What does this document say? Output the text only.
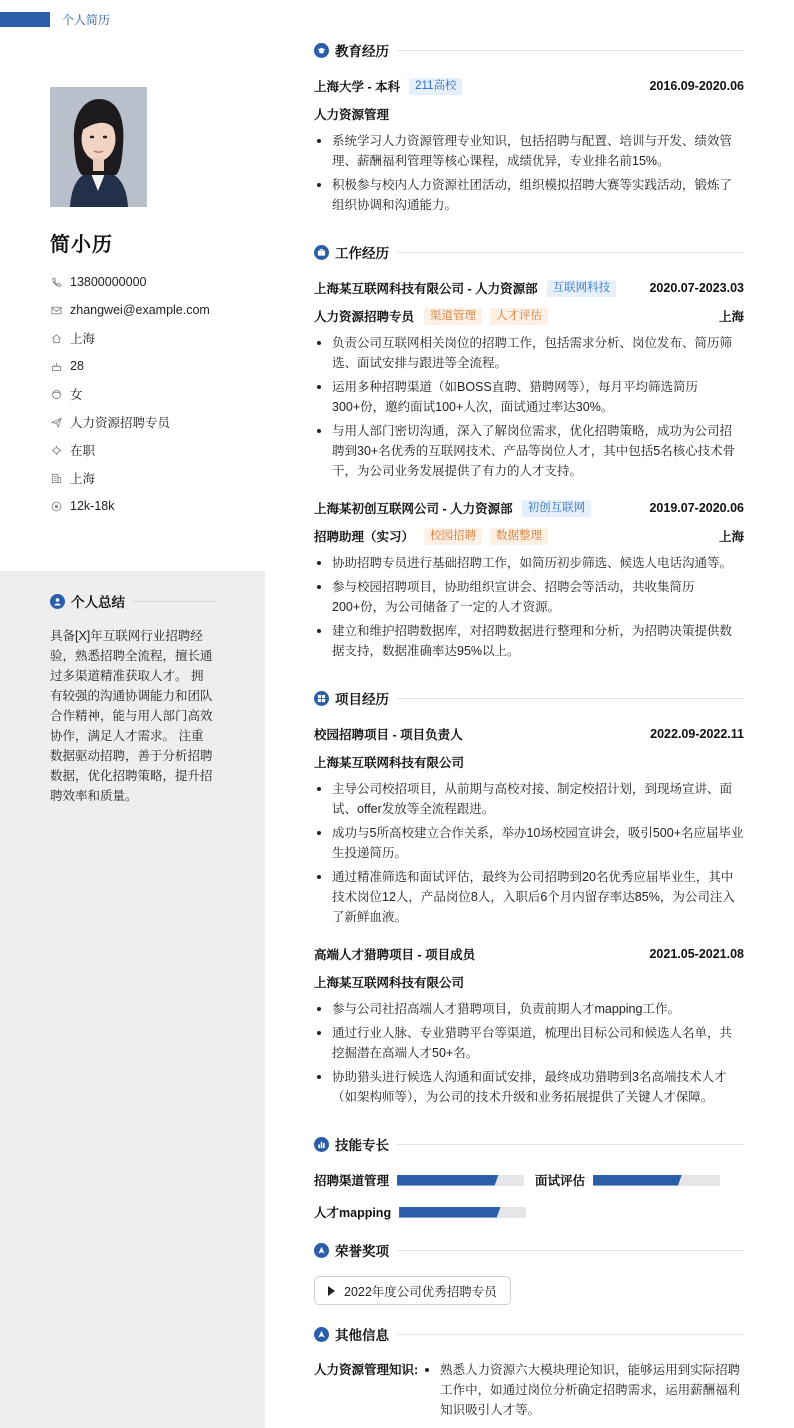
个人简历
简小历
13800000000
zhangwei@example.com
上海
28
女
人力资源招聘专员
在职
上海
12k-18k
个人总结
具备[X]年互联网行业招聘经验，熟悉招聘全流程，擅长通过多渠道精准获取人才。 拥有较强的沟通协调能力和团队合作精神，能与用人部门高效协作，满足人才需求。 注重数据驱动招聘，善于分析招聘数据，优化招聘策略，提升招聘效率和质量。
教育经历
上海大学 - 本科	211高校	2016.09-2020.06
人力资源管理
系统学习人力资源管理专业知识，包括招聘与配置、培训与开发、绩效管理、薪酬福利管理等核心课程，成绩优异，专业排名前15%。
积极参与校内人力资源社团活动，组织模拟招聘大赛等实践活动，锻炼了组织协调和沟通能力。
工作经历
上海某互联网科技有限公司 - 人力资源部	互联网科技	2020.07-2023.03
人力资源招聘专员	渠道管理	人才评估	上海
负责公司互联网相关岗位的招聘工作，包括需求分析、岗位发布、简历筛选、面试安排与跟进等全流程。
运用多种招聘渠道（如BOSS直聘、猎聘网等），每月平均筛选简历300+份，邀约面试100+人次，面试通过率达30%。
与用人部门密切沟通，深入了解岗位需求，优化招聘策略，成功为公司招聘到30+名优秀的互联网技术、产品等岗位人才，其中包括5名核心技术骨干，为公司业务发展提供了有力的人才支持。
上海某初创互联网公司 - 人力资源部	初创互联网	2019.07-2020.06
招聘助理（实习）	校园招聘	数据整理	上海
协助招聘专员进行基础招聘工作，如简历初步筛选、候选人电话沟通等。
参与校园招聘项目，协助组织宣讲会、招聘会等活动，共收集简历200+份，为公司储备了一定的人才资源。
建立和维护招聘数据库，对招聘数据进行整理和分析，为招聘决策提供数据支持，数据准确率达95%以上。
项目经历
校园招聘项目 - 项目负责人	2022.09-2022.11
上海某互联网科技有限公司
主导公司校招项目，从前期与高校对接、制定校招计划，到现场宣讲、面试、offer发放等全流程跟进。
成功与5所高校建立合作关系，举办10场校园宣讲会，吸引500+名应届毕业生投递简历。
通过精准筛选和面试评估，最终为公司招聘到20名优秀应届毕业生，其中技术岗位12人，产品岗位8人，入职后6个月内留存率达85%，为公司注入了新鲜血液。
高端人才猎聘项目 - 项目成员	2021.05-2021.08
上海某互联网科技有限公司
参与公司社招高端人才猎聘项目，负责前期人才mapping工作。
通过行业人脉、专业猎聘平台等渠道，梳理出目标公司和候选人名单，共挖掘潜在高端人才50+名。
协助猎头进行候选人沟通和面试安排，最终成功猎聘到3名高端技术人才（如架构师等），为公司的技术升级和业务拓展提供了关键人才保障。
技能专长
招聘渠道管理	面试评估
人才mapping
荣誉奖项
2022年度公司优秀招聘专员
其他信息
人力资源管理知识: 熟悉人力资源六大模块理论知识，能够运用到实际招聘工作中，如通过岗位分析确定招聘需求，运用薪酬福利知识吸引人才等。
